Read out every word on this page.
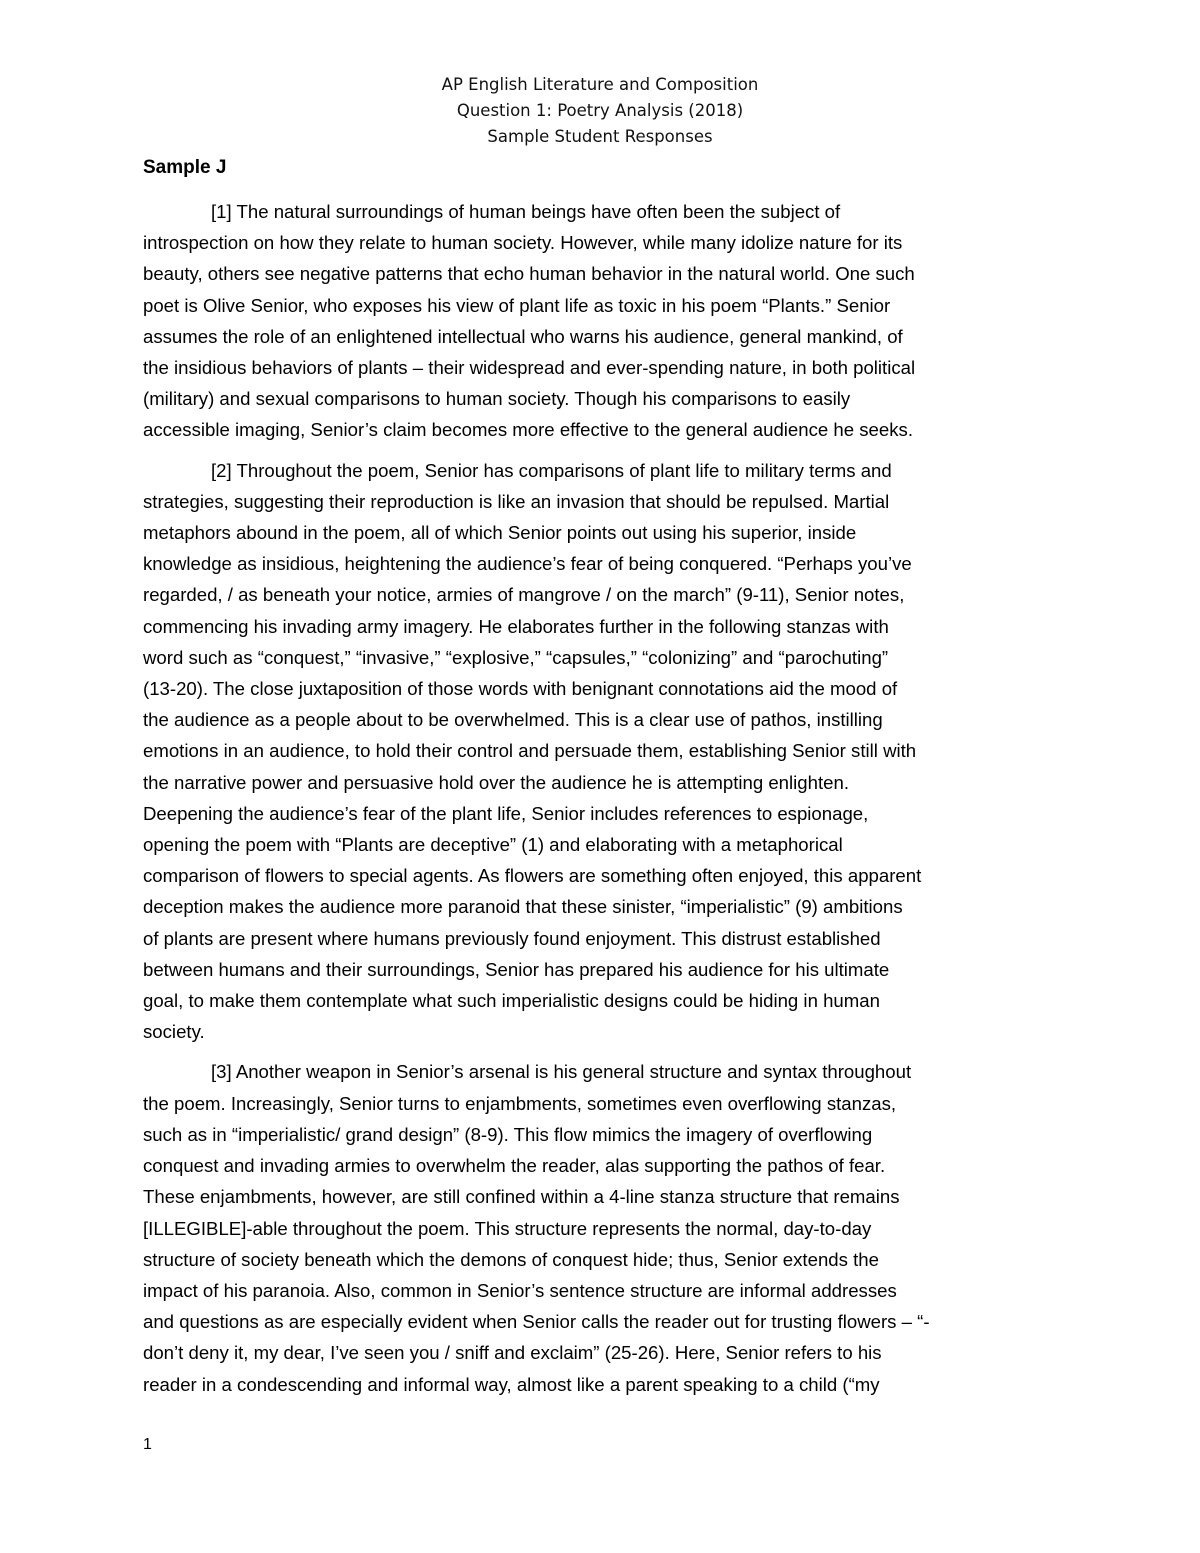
AP English Literature and Composition
Question 1: Poetry Analysis (2018)
Sample Student Responses
Sample J
[1] The natural surroundings of human beings have often been the subject of
introspection on how they relate to human society. However, while many idolize nature for its
beauty, others see negative patterns that echo human behavior in the natural world. One such
poet is Olive Senior, who exposes his view of plant life as toxic in his poem “Plants.” Senior
assumes the role of an enlightened intellectual who warns his audience, general mankind, of
the insidious behaviors of plants – their widespread and ever-spending nature, in both political
(military) and sexual comparisons to human society. Though his comparisons to easily
accessible imaging, Senior’s claim becomes more effective to the general audience he seeks.
[2] Throughout the poem, Senior has comparisons of plant life to military terms and
strategies, suggesting their reproduction is like an invasion that should be repulsed. Martial
metaphors abound in the poem, all of which Senior points out using his superior, inside
knowledge as insidious, heightening the audience’s fear of being conquered. “Perhaps you’ve
regarded, / as beneath your notice, armies of mangrove / on the march” (9-11), Senior notes,
commencing his invading army imagery. He elaborates further in the following stanzas with
word such as “conquest,” “invasive,” “explosive,” “capsules,” “colonizing” and “parochuting”
(13-20). The close juxtaposition of those words with benignant connotations aid the mood of
the audience as a people about to be overwhelmed. This is a clear use of pathos, instilling
emotions in an audience, to hold their control and persuade them, establishing Senior still with
the narrative power and persuasive hold over the audience he is attempting enlighten.
Deepening the audience’s fear of the plant life, Senior includes references to espionage,
opening the poem with “Plants are deceptive” (1) and elaborating with a metaphorical
comparison of flowers to special agents. As flowers are something often enjoyed, this apparent
deception makes the audience more paranoid that these sinister, “imperialistic” (9) ambitions
of plants are present where humans previously found enjoyment. This distrust established
between humans and their surroundings, Senior has prepared his audience for his ultimate
goal, to make them contemplate what such imperialistic designs could be hiding in human
society.
[3] Another weapon in Senior’s arsenal is his general structure and syntax throughout
the poem. Increasingly, Senior turns to enjambments, sometimes even overflowing stanzas,
such as in “imperialistic/ grand design” (8-9). This flow mimics the imagery of overflowing
conquest and invading armies to overwhelm the reader, alas supporting the pathos of fear.
These enjambments, however, are still confined within a 4-line stanza structure that remains
[ILLEGIBLE]-able throughout the poem. This structure represents the normal, day-to-day
structure of society beneath which the demons of conquest hide; thus, Senior extends the
impact of his paranoia. Also, common in Senior’s sentence structure are informal addresses
and questions as are especially evident when Senior calls the reader out for trusting flowers – “-
don’t deny it, my dear, I’ve seen you / sniff and exclaim” (25-26). Here, Senior refers to his
reader in a condescending and informal way, almost like a parent speaking to a child (“my
1
